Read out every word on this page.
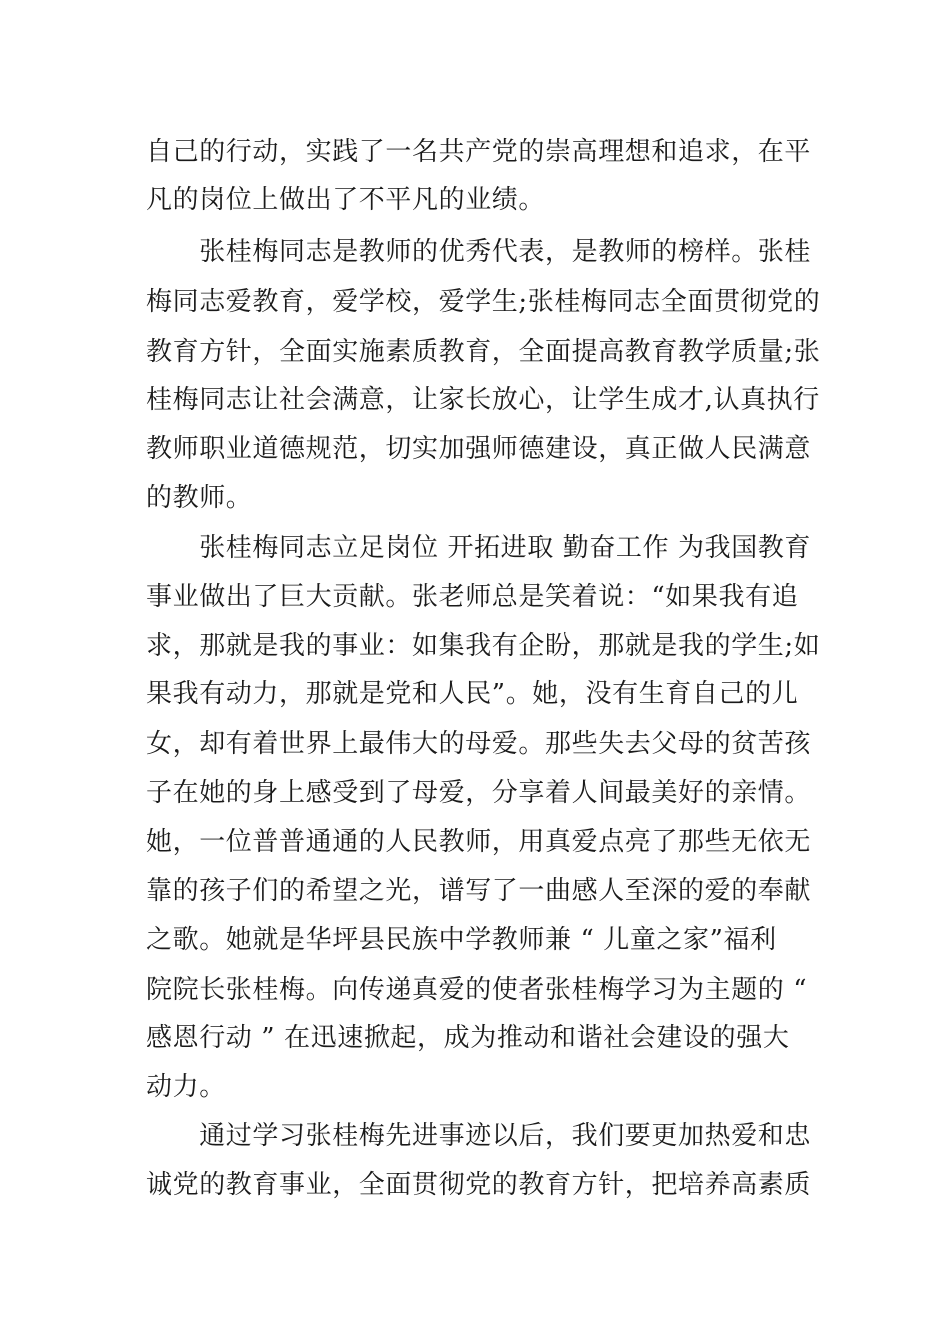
自己的行动，实践了一名共产党的崇高理想和追求，在平
凡的岗位上做出了不平凡的业绩。
　　张桂梅同志是教师的优秀代表，是教师的榜样。张桂
梅同志爱教育，爱学校，爱学生;张桂梅同志全面贯彻党的
教育方针，全面实施素质教育，全面提高教育教学质量;张
桂梅同志让社会满意，让家长放心，让学生成才,认真执行
教师职业道德规范，切实加强师德建设，真正做人民满意
的教师。
　　张桂梅同志立足岗位 开拓进取 勤奋工作 为我国教育
事业做出了巨大贡献。张老师总是笑着说：“如果我有追
求，那就是我的事业：如集我有企盼，那就是我的学生;如
果我有动力，那就是党和人民”。她，没有生育自己的儿
女，却有着世界上最伟大的母爱。那些失去父母的贫苦孩
子在她的身上感受到了母爱，分享着人间最美好的亲情。
她，一位普普通通的人民教师，用真爱点亮了那些无依无
靠的孩子们的希望之光，谱写了一曲感人至深的爱的奉献
之歌。她就是华坪县民族中学教师兼 “ 儿童之家”福利
院院长张桂梅。向传递真爱的使者张桂梅学习为主题的 “
感恩行动 ” 在迅速掀起，成为推动和谐社会建设的强大
动力。
　　通过学习张桂梅先进事迹以后，我们要更加热爱和忠
诚党的教育事业，全面贯彻党的教育方针，把培养高素质
